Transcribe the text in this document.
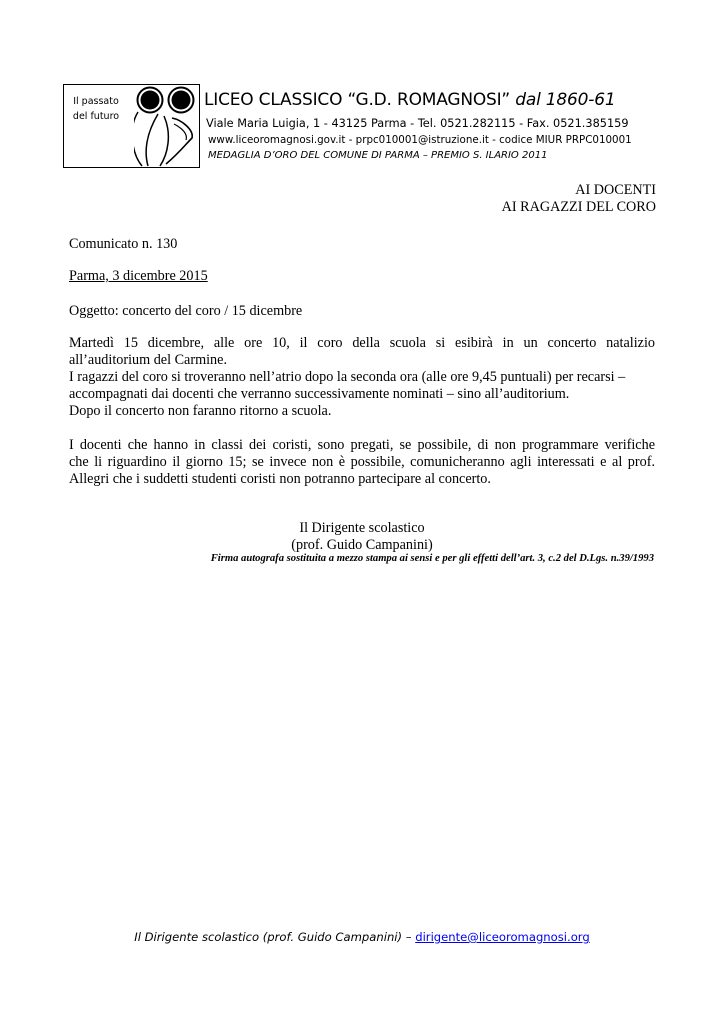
Il passato
del futuro
LICEO CLASSICO “G.D. ROMAGNOSI” dal 1860-61
Viale Maria Luigia, 1 - 43125 Parma - Tel. 0521.282115 - Fax. 0521.385159
www.liceoromagnosi.gov.it - prpc010001@istruzione.it - codice MIUR PRPC010001
MEDAGLIA D’ORO DEL COMUNE DI PARMA – PREMIO S. ILARIO 2011
AI DOCENTI
AI RAGAZZI DEL CORO
Comunicato n. 130
Parma, 3 dicembre 2015
Oggetto: concerto del coro / 15 dicembre
Martedì 15 dicembre, alle ore 10, il coro della scuola si esibirà in un concerto natalizio
all’auditorium del Carmine.
I ragazzi del coro si troveranno nell’atrio dopo la seconda ora (alle ore 9,45 puntuali) per recarsi –
accompagnati dai docenti che verranno successivamente nominati – sino all’auditorium.
Dopo il concerto non faranno ritorno a scuola.
I docenti che hanno in classi dei coristi, sono pregati, se possibile, di non programmare verifiche
che li riguardino il giorno 15; se invece non è possibile, comunicheranno agli interessati e al prof.
Allegri che i suddetti studenti coristi non potranno partecipare al concerto.
Il Dirigente scolastico
(prof. Guido Campanini)
Firma autografa sostituita a mezzo stampa ai sensi e per gli effetti dell’art. 3, c.2 del D.Lgs. n.39/1993
Il Dirigente scolastico (prof. Guido Campanini) – dirigente@liceoromagnosi.org
